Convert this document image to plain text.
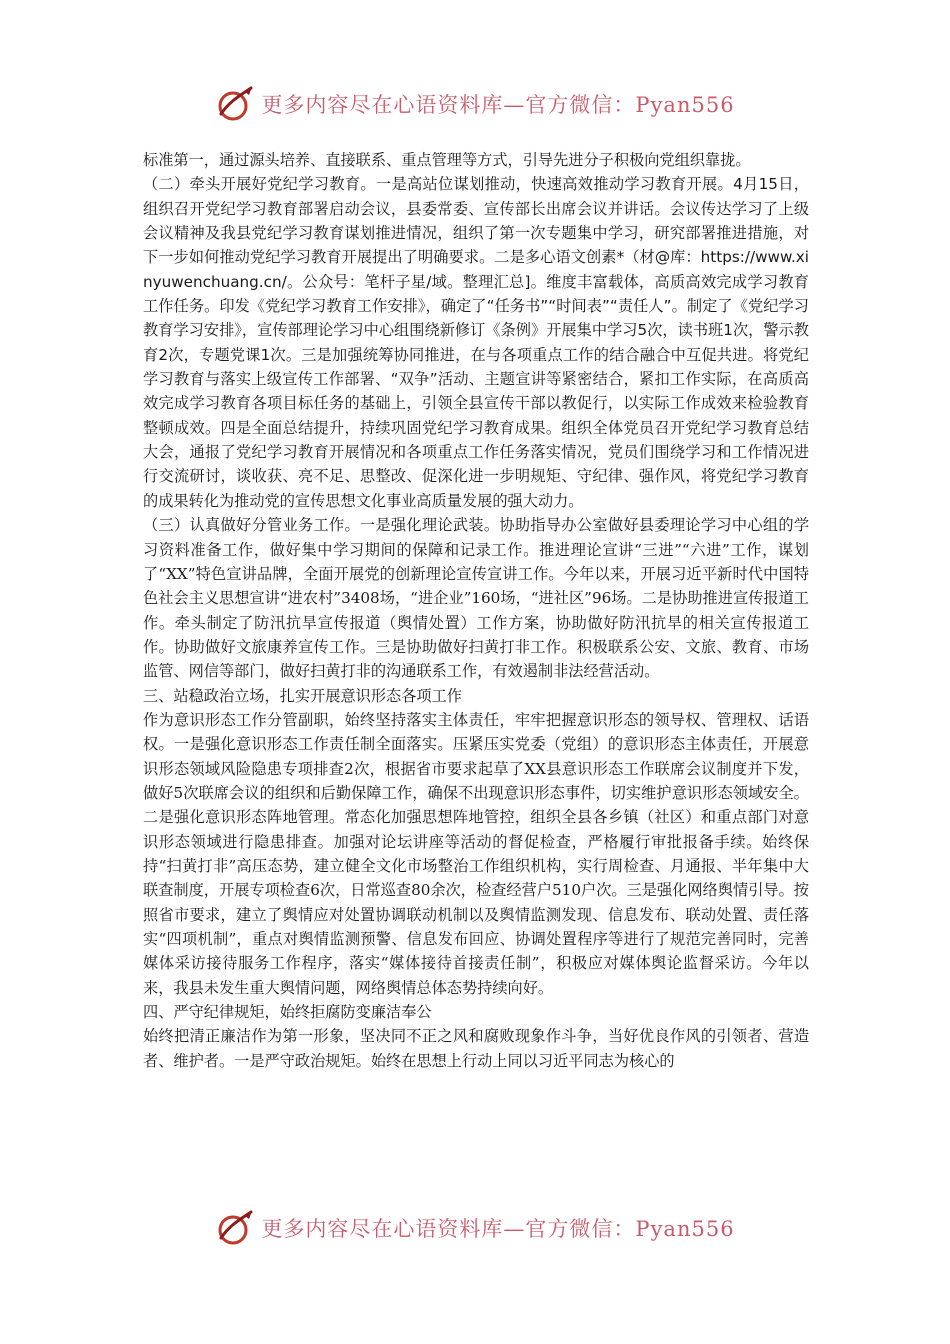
更多内容尽在心语资料库—官方微信：Pyan556

标准第一，通过源头培养、直接联系、重点管理等方式，引导先进分子积极向党组织靠拢。

（二）牵头开展好党纪学习教育。一是高站位谋划推动，快速高效推动学习教育开展。4月15日，组织召开党纪学习教育部署启动会议，县委常委、宣传部长出席会议并讲话。会议传达学习了上级会议精神及我县党纪学习教育谋划推进情况，组织了第一次专题集中学习，研究部署推进措施，对下一步如何推动党纪学习教育开展提出了明确要求。二是多心语文创素*（材@库：https://www.xinyuwenchuang.cn/。公众号：笔杆子星/域。整理汇总]。维度丰富载体，高质高效完成学习教育工作任务。印发《党纪学习教育工作安排》，确定了“任务书”“时间表”“责任人”。制定了《党纪学习教育学习安排》，宣传部理论学习中心组围绕新修订《条例》开展集中学习5次，读书班1次，警示教育2次，专题党课1次。三是加强统筹协同推进，在与各项重点工作的结合融合中互促共进。将党纪学习教育与落实上级宣传工作部署、“双争”活动、主题宣讲等紧密结合，紧扣工作实际，在高质高效完成学习教育各项目标任务的基础上，引领全县宣传干部以教促行，以实际工作成效来检验教育整顿成效。四是全面总结提升，持续巩固党纪学习教育成果。组织全体党员召开党纪学习教育总结大会，通报了党纪学习教育开展情况和各项重点工作任务落实情况，党员们围绕学习和工作情况进行交流研讨，谈收获、亮不足、思整改、促深化进一步明规矩、守纪律、强作风，将党纪学习教育的成果转化为推动党的宣传思想文化事业高质量发展的强大动力。

（三）认真做好分管业务工作。一是强化理论武装。协助指导办公室做好县委理论学习中心组的学习资料准备工作，做好集中学习期间的保障和记录工作。推进理论宣讲“三进”“六进”工作，谋划了“XX”特色宣讲品牌，全面开展党的创新理论宣传宣讲工作。今年以来，开展习近平新时代中国特色社会主义思想宣讲“进农村”3408场，“进企业”160场，“进社区”96场。二是协助推进宣传报道工作。牵头制定了防汛抗旱宣传报道（舆情处置）工作方案，协助做好防汛抗旱的相关宣传报道工作。协助做好文旅康养宣传工作。三是协助做好扫黄打非工作。积极联系公安、文旅、教育、市场监管、网信等部门，做好扫黄打非的沟通联系工作，有效遏制非法经营活动。

三、站稳政治立场，扎实开展意识形态各项工作

作为意识形态工作分管副职，始终坚持落实主体责任，牢牢把握意识形态的领导权、管理权、话语权。一是强化意识形态工作责任制全面落实。压紧压实党委（党组）的意识形态主体责任，开展意识形态领域风险隐患专项排查2次，根据省市要求起草了XX县意识形态工作联席会议制度并下发，做好5次联席会议的组织和后勤保障工作，确保不出现意识形态事件，切实维护意识形态领域安全。二是强化意识形态阵地管理。常态化加强思想阵地管控，组织全县各乡镇（社区）和重点部门对意识形态领域进行隐患排查。加强对论坛讲座等活动的督促检查，严格履行审批报备手续。始终保持“扫黄打非”高压态势，建立健全文化市场整治工作组织机构，实行周检查、月通报、半年集中大联查制度，开展专项检查6次，日常巡查80余次，检查经营户510户次。三是强化网络舆情引导。按照省市要求，建立了舆情应对处置协调联动机制以及舆情监测发现、信息发布、联动处置、责任落实“四项机制”，重点对舆情监测预警、信息发布回应、协调处置程序等进行了规范完善同时，完善媒体采访接待服务工作程序，落实“媒体接待首接责任制”，积极应对媒体舆论监督采访。今年以来，我县未发生重大舆情问题，网络舆情总体态势持续向好。

四、严守纪律规矩，始终拒腐防变廉洁奉公

始终把清正廉洁作为第一形象，坚决同不正之风和腐败现象作斗争，当好优良作风的引领者、营造者、维护者。一是严守政治规矩。始终在思想上行动上同以习近平同志为核心的

更多内容尽在心语资料库—官方微信：Pyan556
